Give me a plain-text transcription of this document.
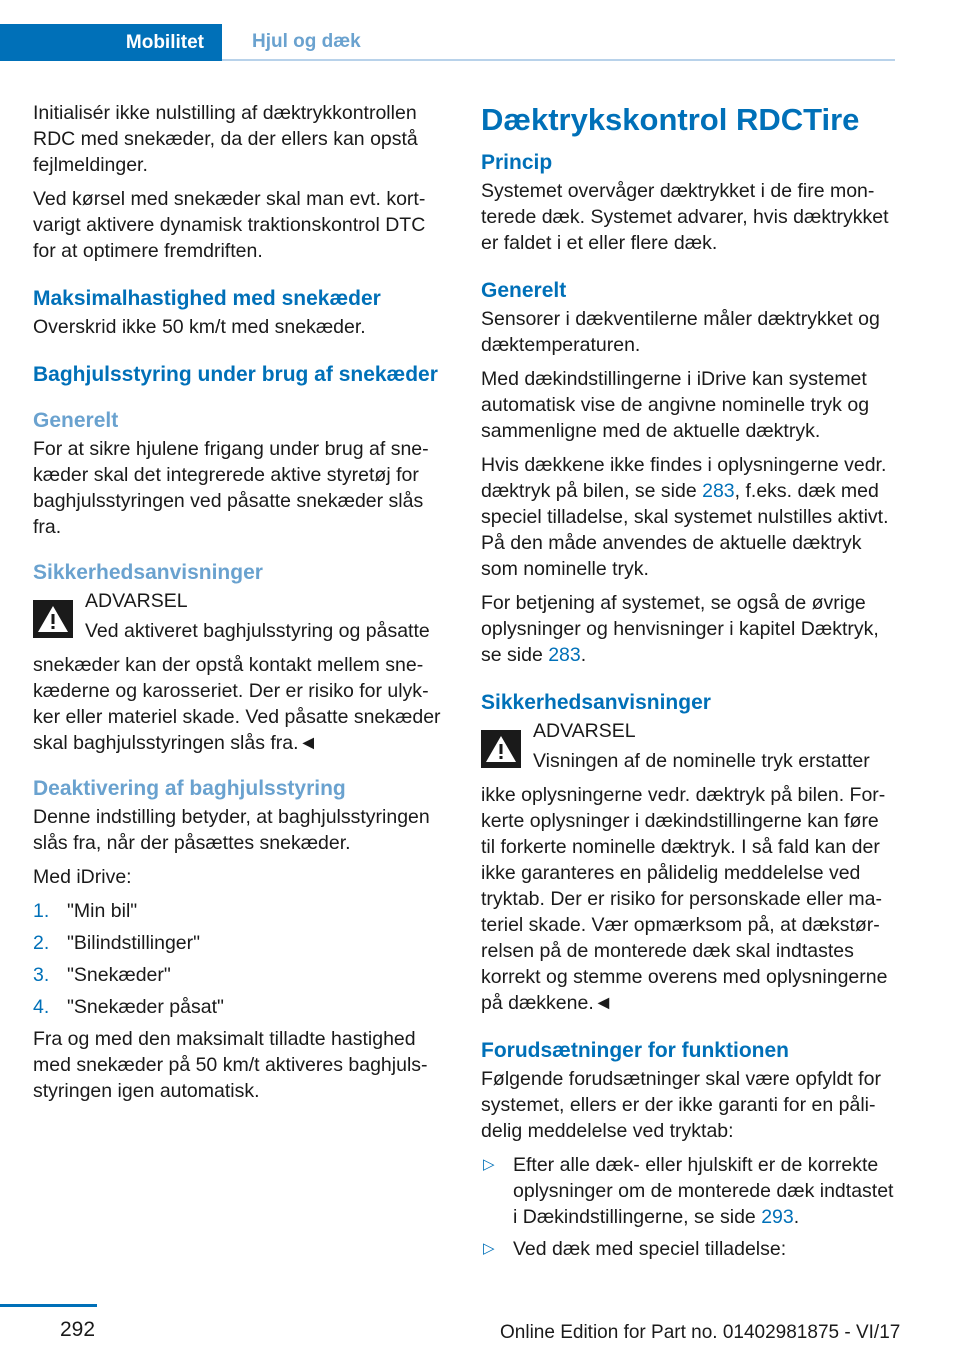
Mobilitet	Hjul og dæk

Initialisér ikke nulstilling af dæktrykkontrollen RDC med snekæder, da der ellers kan opstå fejlmeldinger.

Ved kørsel med snekæder skal man evt. kortvarigt aktivere dynamisk traktionskontrol DTC for at optimere fremdriften.

Maksimalhastighed med snekæder

Overskrid ikke 50 km/t med snekæder.

Baghjulsstyring under brug af snekæder
Generelt

For at sikre hjulene frigang under brug af snekæder skal det integrerede aktive styretøj for baghjulsstyringen ved påsatte snekæder slås fra.

Sikkerhedsanvisninger

ADVARSEL

Ved aktiveret baghjulsstyring og påsatte

snekæder kan der opstå kontakt mellem snekæderne og karosseriet. Der er risiko for ulykker eller materiel skade. Ved påsatte snekæder skal baghjulsstyringen slås fra.◄

Deaktivering af baghjulsstyring

Denne indstilling betyder, at baghjulsstyringen slås fra, når der påsættes snekæder.

Med iDrive:

1. "Min bil"
2. "Bilindstillinger"
3. "Snekæder"
4. "Snekæder påsat"

Fra og med den maksimalt tilladte hastighed med snekæder på 50 km/t aktiveres baghjulsstyringen igen automatisk.

Dæktrykskontrol RDCTire
Princip

Systemet overvåger dæktrykket i de fire monterede dæk. Systemet advarer, hvis dæktrykket er faldet i et eller flere dæk.

Generelt

Sensorer i dækventilerne måler dæktrykket og dæktemperaturen.

Med dækindstillingerne i iDrive kan systemet automatisk vise de angivne nominelle tryk og sammenligne med de aktuelle dæktryk.

Hvis dækkene ikke findes i oplysningerne vedr. dæktryk på bilen, se side 283, f.eks. dæk med speciel tilladelse, skal systemet nulstilles aktivt. På den måde anvendes de aktuelle dæktryk som nominelle tryk.

For betjening af systemet, se også de øvrige oplysninger og henvisninger i kapitel Dæktryk, se side 283.

Sikkerhedsanvisninger

ADVARSEL

Visningen af de nominelle tryk erstatter

ikke oplysningerne vedr. dæktryk på bilen. Forkerte oplysninger i dækindstillingerne kan føre til forkerte nominelle dæktryk. I så fald kan der ikke garanteres en pålidelig meddelelse ved tryktab. Der er risiko for personskade eller materiel skade. Vær opmærksom på, at dækstørrelsen på de monterede dæk skal indtastes korrekt og stemme overens med oplysningerne på dækkene.◄

Forudsætninger for funktionen

Følgende forudsætninger skal være opfyldt for systemet, ellers er der ikke garanti for en pålidelig meddelelse ved tryktab:

▷ Efter alle dæk- eller hjulskift er de korrekte oplysninger om de monterede dæk indtastet i Dækindstillingerne, se side 293.
▷ Ved dæk med speciel tilladelse:
292	Online Edition for Part no. 01402981875 - VI/17
